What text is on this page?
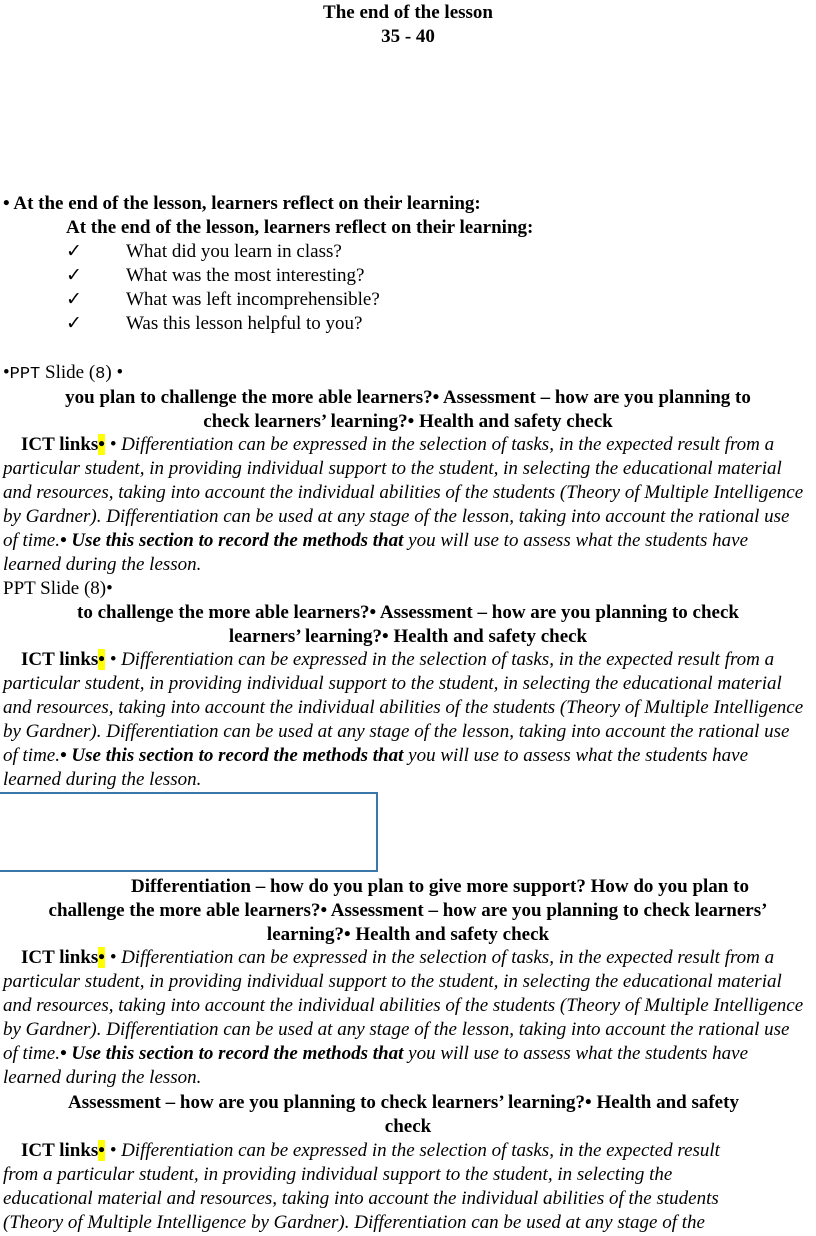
The end of the lesson
35 - 40
• At the end of the lesson, learners reflect on their learning:
At the end of the lesson, learners reflect on their learning:
✓ What did you learn in class?
✓ What was the most interesting?
✓ What was left incomprehensible?
✓ Was this lesson helpful to you?
•PPT Slide (8) •
you plan to challenge the more able learners?• Assessment – how are you planning to
check learners’ learning?• Health and safety check
ICT links• • Differentiation can be expressed in the selection of tasks, in the expected result from a particular student, in providing individual support to the student, in selecting the educational material and resources, taking into account the individual abilities of the students (Theory of Multiple Intelligence by Gardner). Differentiation can be used at any stage of the lesson, taking into account the rational use of time.• Use this section to record the methods that you will use to assess what the students have learned during the lesson.
PPT Slide (8)•
to challenge the more able learners?• Assessment – how are you planning to check
learners’ learning?• Health and safety check
ICT links• • Differentiation can be expressed in the selection of tasks, in the expected result from a particular student, in providing individual support to the student, in selecting the educational material and resources, taking into account the individual abilities of the students (Theory of Multiple Intelligence by Gardner). Differentiation can be used at any stage of the lesson, taking into account the rational use of time.• Use this section to record the methods that you will use to assess what the students have learned during the lesson.
Differentiation – how do you plan to give more support? How do you plan to
challenge the more able learners?• Assessment – how are you planning to check learners’
learning?• Health and safety check
ICT links• • Differentiation can be expressed in the selection of tasks, in the expected result from a particular student, in providing individual support to the student, in selecting the educational material and resources, taking into account the individual abilities of the students (Theory of Multiple Intelligence by Gardner). Differentiation can be used at any stage of the lesson, taking into account the rational use of time.• Use this section to record the methods that you will use to assess what the students have learned during the lesson.
Assessment – how are you planning to check learners’ learning?• Health and safety
check
ICT links• • Differentiation can be expressed in the selection of tasks, in the expected result
from a particular student, in providing individual support to the student, in selecting the
educational material and resources, taking into account the individual abilities of the students
(Theory of Multiple Intelligence by Gardner). Differentiation can be used at any stage of the
